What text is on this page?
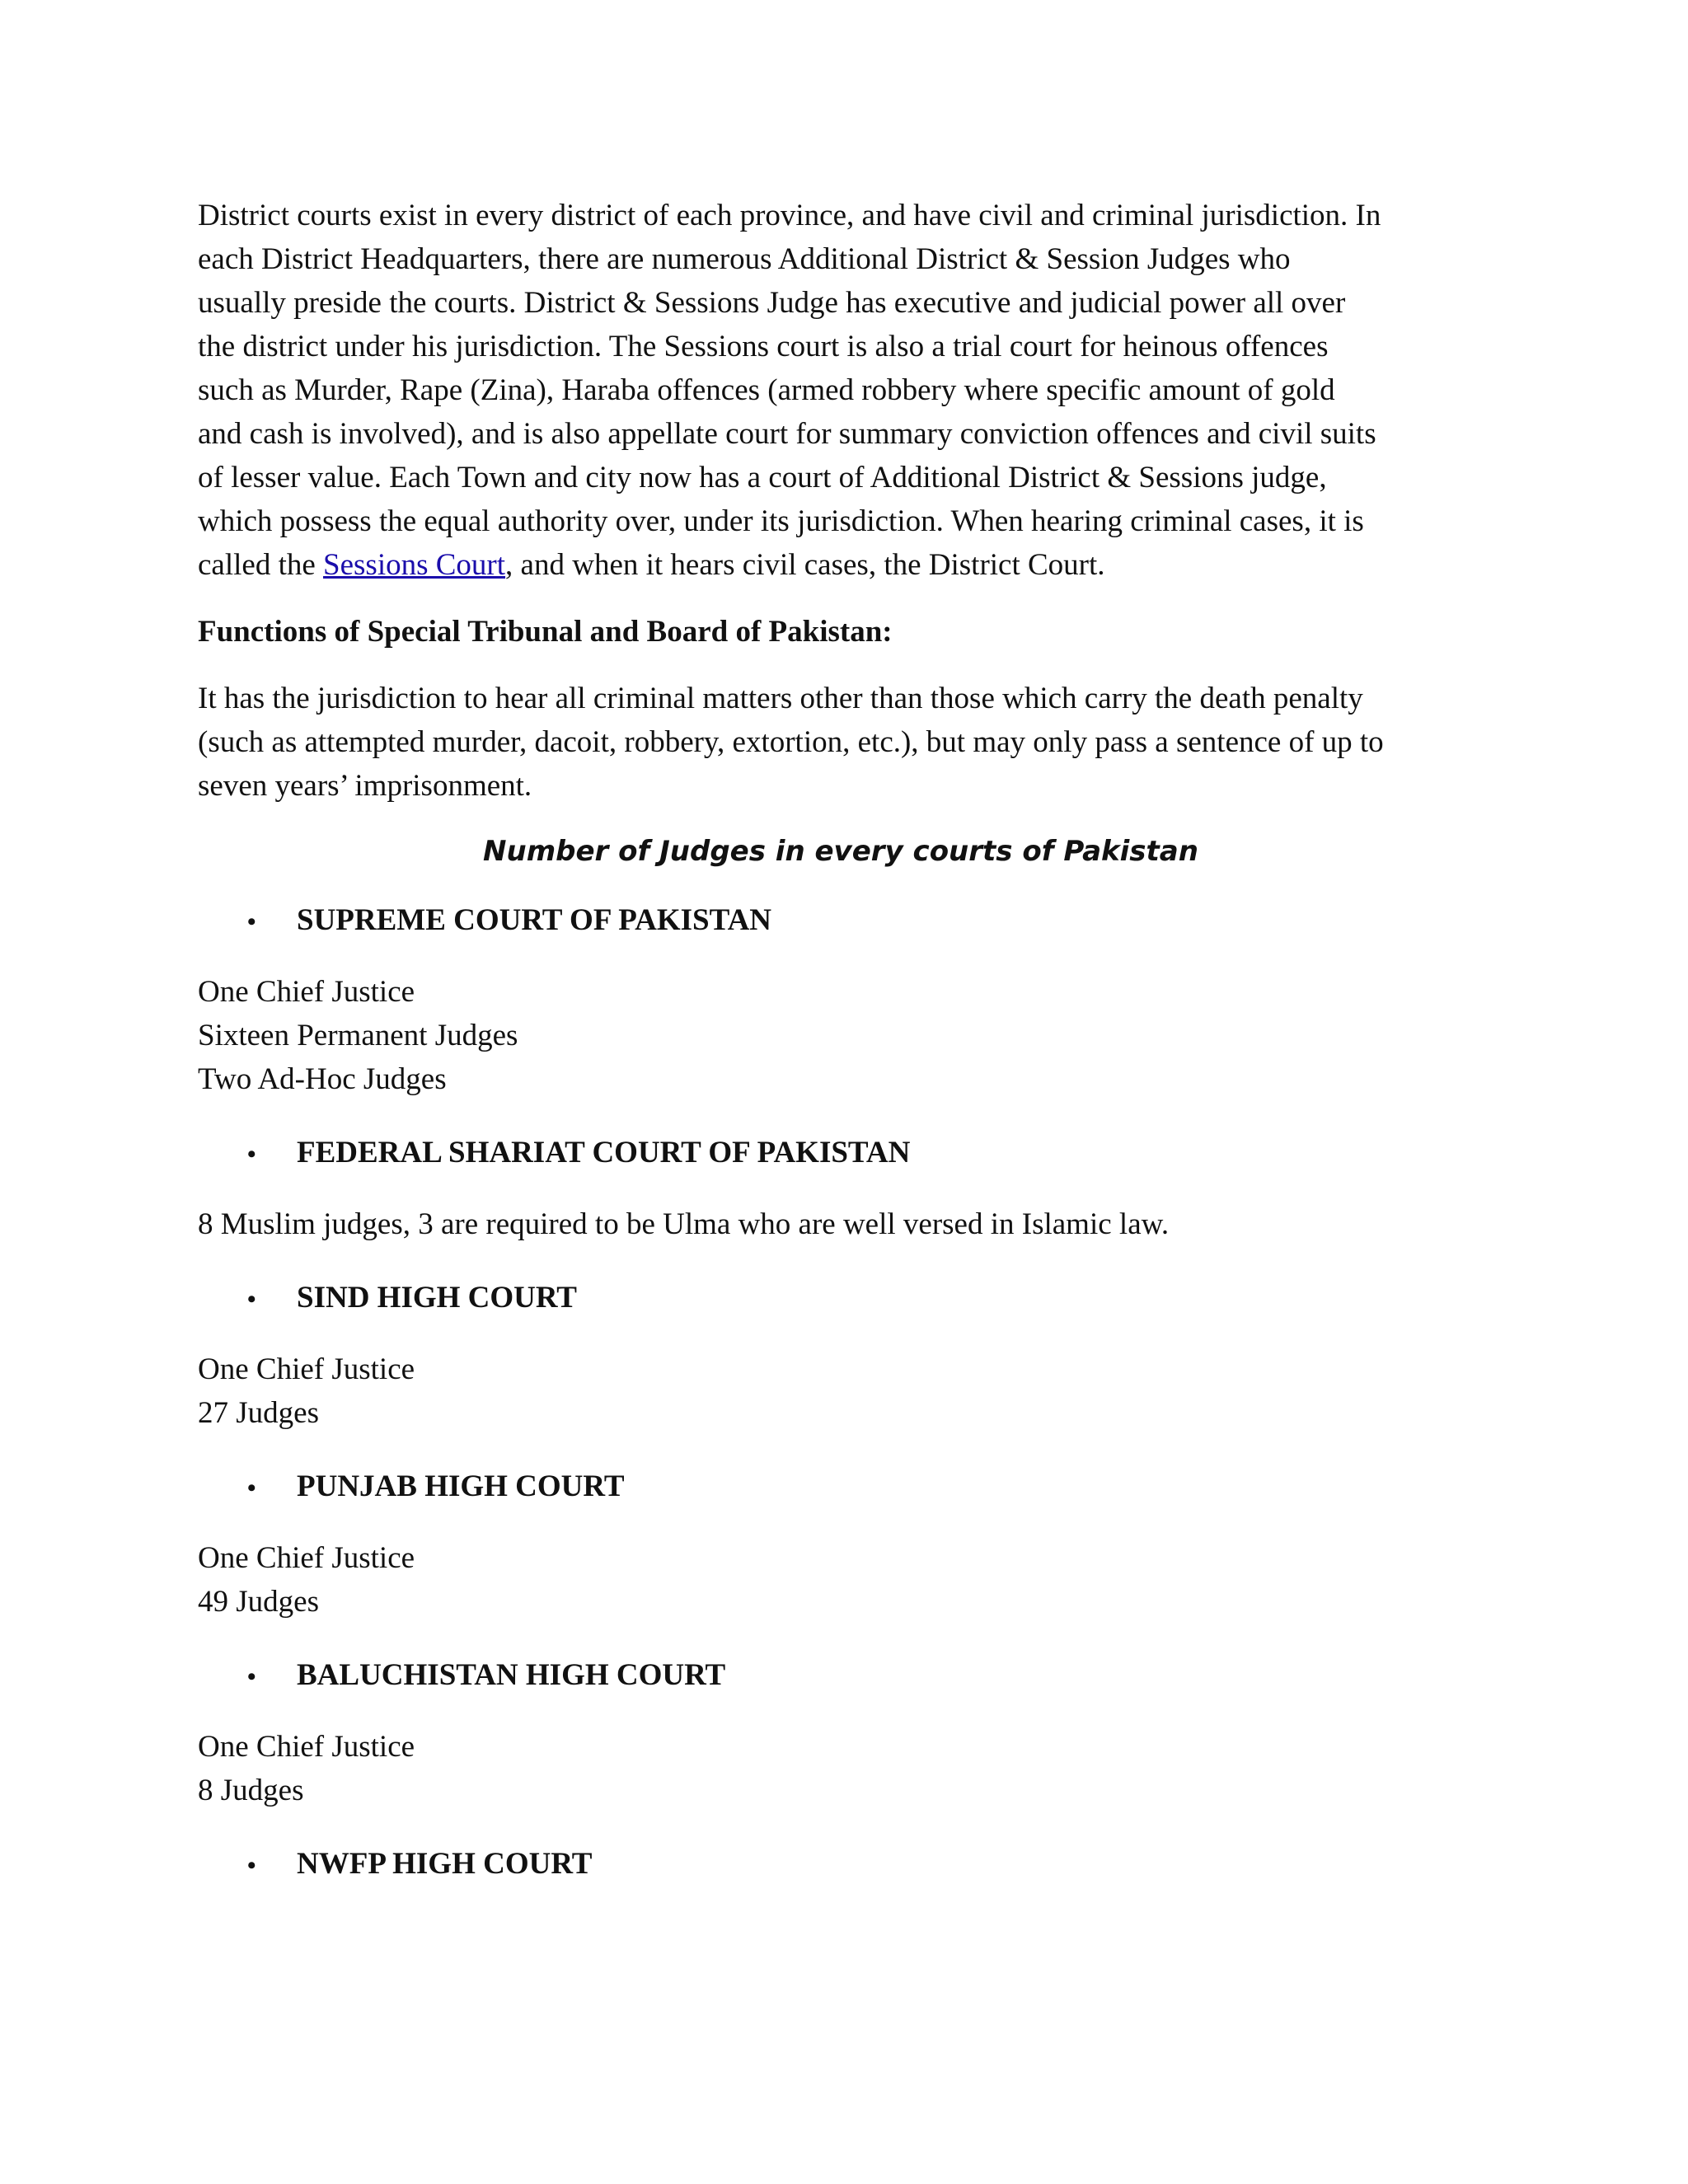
District courts exist in every district of each province, and have civil and criminal jurisdiction. In

each District Headquarters, there are numerous Additional District & Session Judges who

usually preside the courts. District & Sessions Judge has executive and judicial power all over

the district under his jurisdiction. The Sessions court is also a trial court for heinous offences

such as Murder, Rape (Zina), Haraba offences (armed robbery where specific amount of gold

and cash is involved), and is also appellate court for summary conviction offences and civil suits

of lesser value. Each Town and city now has a court of Additional District & Sessions judge,

which possess the equal authority over, under its jurisdiction. When hearing criminal cases, it is

called the Sessions Court, and when it hears civil cases, the District Court.

Functions of Special Tribunal and Board of Pakistan:

It has the jurisdiction to hear all criminal matters other than those which carry the death penalty

(such as attempted murder, dacoit, robbery, extortion, etc.), but may only pass a sentence of up to

seven years’ imprisonment.

Number of Judges in every courts of Pakistan

•	SUPREME COURT OF PAKISTAN

One Chief Justice

Sixteen Permanent Judges

Two Ad-Hoc Judges

•	FEDERAL SHARIAT COURT OF PAKISTAN

8 Muslim judges, 3 are required to be Ulma who are well versed in Islamic law.

•	SIND HIGH COURT

One Chief Justice

27 Judges

•	PUNJAB HIGH COURT

One Chief Justice

49 Judges

•	BALUCHISTAN HIGH COURT

One Chief Justice

8 Judges

•	NWFP HIGH COURT
